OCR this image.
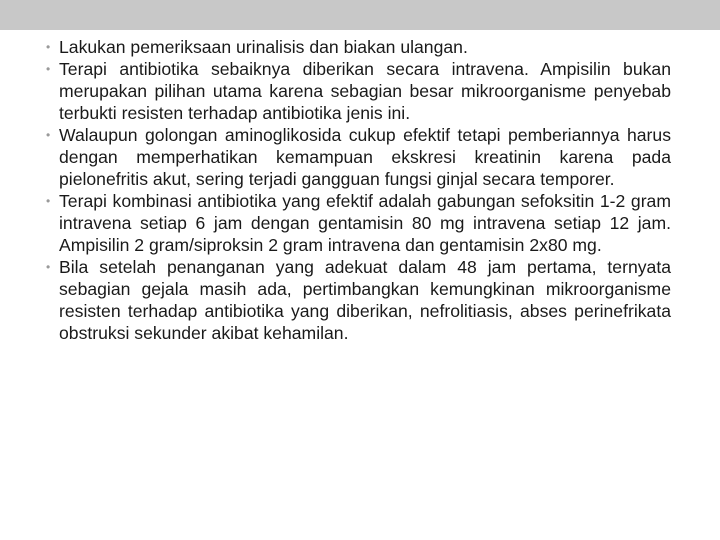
• Lakukan pemeriksaan urinalisis dan biakan ulangan.
• Terapi antibiotika sebaiknya diberikan secara intravena. Ampisilin bukan merupakan pilihan utama karena sebagian besar mikroorganisme penyebab terbukti resisten terhadap antibiotika jenis ini.
• Walaupun golongan aminoglikosida cukup efektif tetapi pemberiannya harus dengan memperhatikan kemampuan ekskresi kreatinin karena pada pielonefritis akut, sering terjadi gangguan fungsi ginjal secara temporer.
• Terapi kombinasi antibiotika yang efektif adalah gabungan sefoksitin 1-2 gram intravena setiap 6 jam dengan gentamisin 80 mg intravena setiap 12 jam. Ampisilin 2 gram/siproksin 2 gram intravena dan gentamisin 2x80 mg.
• Bila setelah penanganan yang adekuat dalam 48 jam pertama, ternyata sebagian gejala masih ada, pertimbangkan kemungkinan mikroorganisme resisten terhadap antibiotika yang diberikan, nefrolitiasis, abses perinefrikata obstruksi sekunder akibat kehamilan.
